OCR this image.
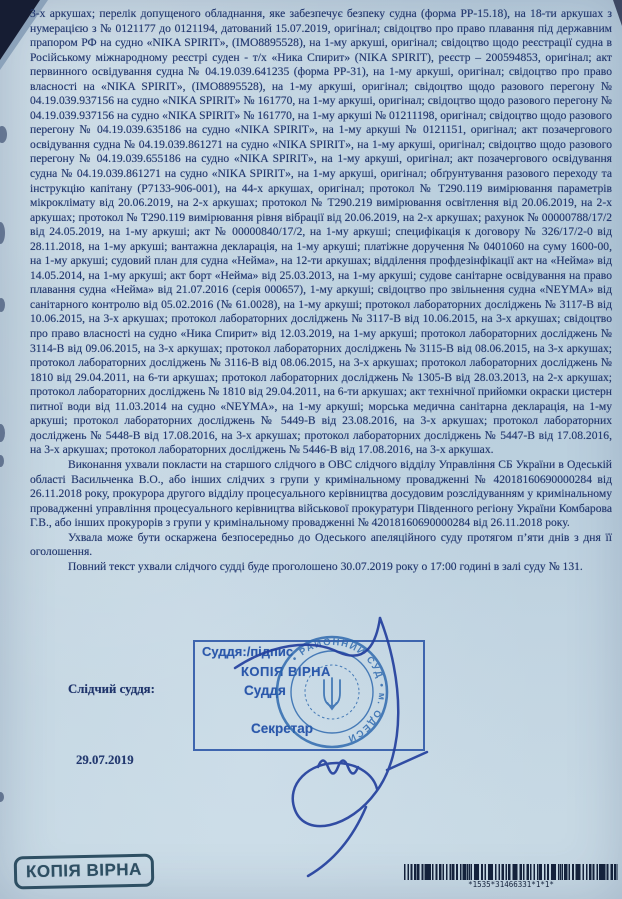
3-х аркушах; перелік допущеного обладнання, яке забезпечує безпеку судна (форма РР-15.18), на 18-ти аркушах з нумерацією з № 0121177 до 0121194, датований 15.07.2019, оригінал; свідоцтво про право плавання під державним прапором РФ на судно «NIKA SPIRIT», (ІМО8895528), на 1-му аркуші, оригінал; свідоцтво щодо реєстрації судна в Російському міжнародному реєстрі суден - т/х «Ника Спирит» (NIKA SPIRIT), реєстр – 200594853, оригінал; акт первинного освідування судна № 04.19.039.641235 (форма РР-31), на 1-му аркуші, оригінал; свідоцтво про право власності на «NIKA SPIRIT», (ІМО8895528), на 1-му аркуші, оригінал; свідоцтво щодо разового перегону № 04.19.039.937156 на судно «NIKA SPIRIT» № 161770, на 1-му аркуші, оригінал; свідоцтво щодо разового перегону № 04.19.039.937156 на судно «NIKA SPIRIT» № 161770, на 1-му аркуші № 01211198, оригінал; свідоцтво щодо разового перегону № 04.19.039.635186 на судно «NIKA SPIRIT», на 1-му аркуші № 0121151, оригінал; акт позачергового освідування судна № 04.19.039.861271 на судно «NIKA SPIRIT», на 1-му аркуші, оригінал; свідоцтво щодо разового перегону № 04.19.039.655186 на судно «NIKA SPIRIT», на 1-му аркуші, оригінал; акт позачергового освідування судна № 04.19.039.861271 на судно «NIKA SPIRIT», на 1-му аркуші, оригінал; обґрунтування разового переходу та інструкцію капітану (Р7133-906-001), на 44-х аркушах, оригінал; протокол № Т290.119 вимірювання параметрів мікроклімату від 20.06.2019, на 2-х аркушах; протокол № Т290.219 вимірювання освітлення від 20.06.2019, на 2-х аркушах; протокол № Т290.119 вимірювання рівня вібрації від 20.06.2019, на 2-х аркушах; рахунок № 00000788/17/2 від 24.05.2019, на 1-му аркуші; акт № 00000840/17/2, на 1-му аркуші; специфікація к договору № 326/17/2-0 від 28.11.2018, на 1-му аркуші; вантажна декларація, на 1-му аркуші; платіжне доручення № 0401060 на суму 1600-00, на 1-му аркуші; судовий план для судна «Нейма», на 12-ти аркушах; відділення профдезінфікації акт на «Нейма» від 14.05.2014, на 1-му аркуші; акт борт «Нейма» від 25.03.2013, на 1-му аркуші; судове санітарне освідування на право плавання судна «Нейма» від 21.07.2016 (серія 000657), 1-му аркуші; свідоцтво про звільнення судна «NEYMA» від санітарного контролю від 05.02.2016 (№ 61.0028), на 1-му аркуші; протокол лабораторних досліджень № 3117-В від 10.06.2015, на 3-х аркушах; протокол лабораторних досліджень № 3117-В від 10.06.2015, на 3-х аркушах; свідоцтво про право власності на судно «Ника Спирит» від 12.03.2019, на 1-му аркуші; протокол лабораторних досліджень № 3114-В від 09.06.2015, на 3-х аркушах; протокол лабораторних досліджень № 3115-В від 08.06.2015, на 3-х аркушах; протокол лабораторних досліджень № 3116-В від 08.06.2015, на 3-х аркушах; протокол лабораторних досліджень № 1810 від 29.04.2011, на 6-ти аркушах; протокол лабораторних досліджень № 1305-В від 28.03.2013, на 2-х аркушах; протокол лабораторних досліджень № 1810 від 29.04.2011, на 6-ти аркушах; акт технічної прийомки окраски цистерн питної води від 11.03.2014 на судно «NEYMA», на 1-му аркуші; морська медична санітарна декларація, на 1-му аркуші; протокол лабораторних досліджень № 5449-В від 23.08.2016, на 3-х аркушах; протокол лабораторних досліджень № 5448-В від 17.08.2016, на 3-х аркушах; протокол лабораторних досліджень № 5447-В від 17.08.2016, на 3-х аркушах; протокол лабораторних досліджень № 5446-В від 17.08.2016, на 3-х аркушах.

Виконання ухвали покласти на старшого слідчого в ОВС слідчого відділу Управління СБ України в Одеській області Васильченка В.О., або інших слідчих з групи у кримінальному провадженні № 42018160690000284 від 26.11.2018 року, прокурора другого відділу процесуального керівництва досудовим розслідуванням у кримінальному провадженні управління процесуального керівництва військової прокуратури Південного регіону України Комбарова Г.В., або інших прокурорів з групи у кримінальному провадженні № 42018160690000284 від 26.11.2018 року.

Ухвала може бути оскаржена безпосередньо до Одеського апеляційного суду протягом п’яти днів з дня її оголошення.

Повний текст ухвали слідчого судді буде проголошено 30.07.2019 року о 17:00 годині в залі суду № 131.

Слідчий суддя:
29.07.2019
Суддя:/підпис
КОПІЯ ВІРНА
Суддя
Секретар
• РАЙОННИЙ СУД • м. ОДЕСИ
КОПІЯ ВІРНА
*1535*31466331*1*1*
